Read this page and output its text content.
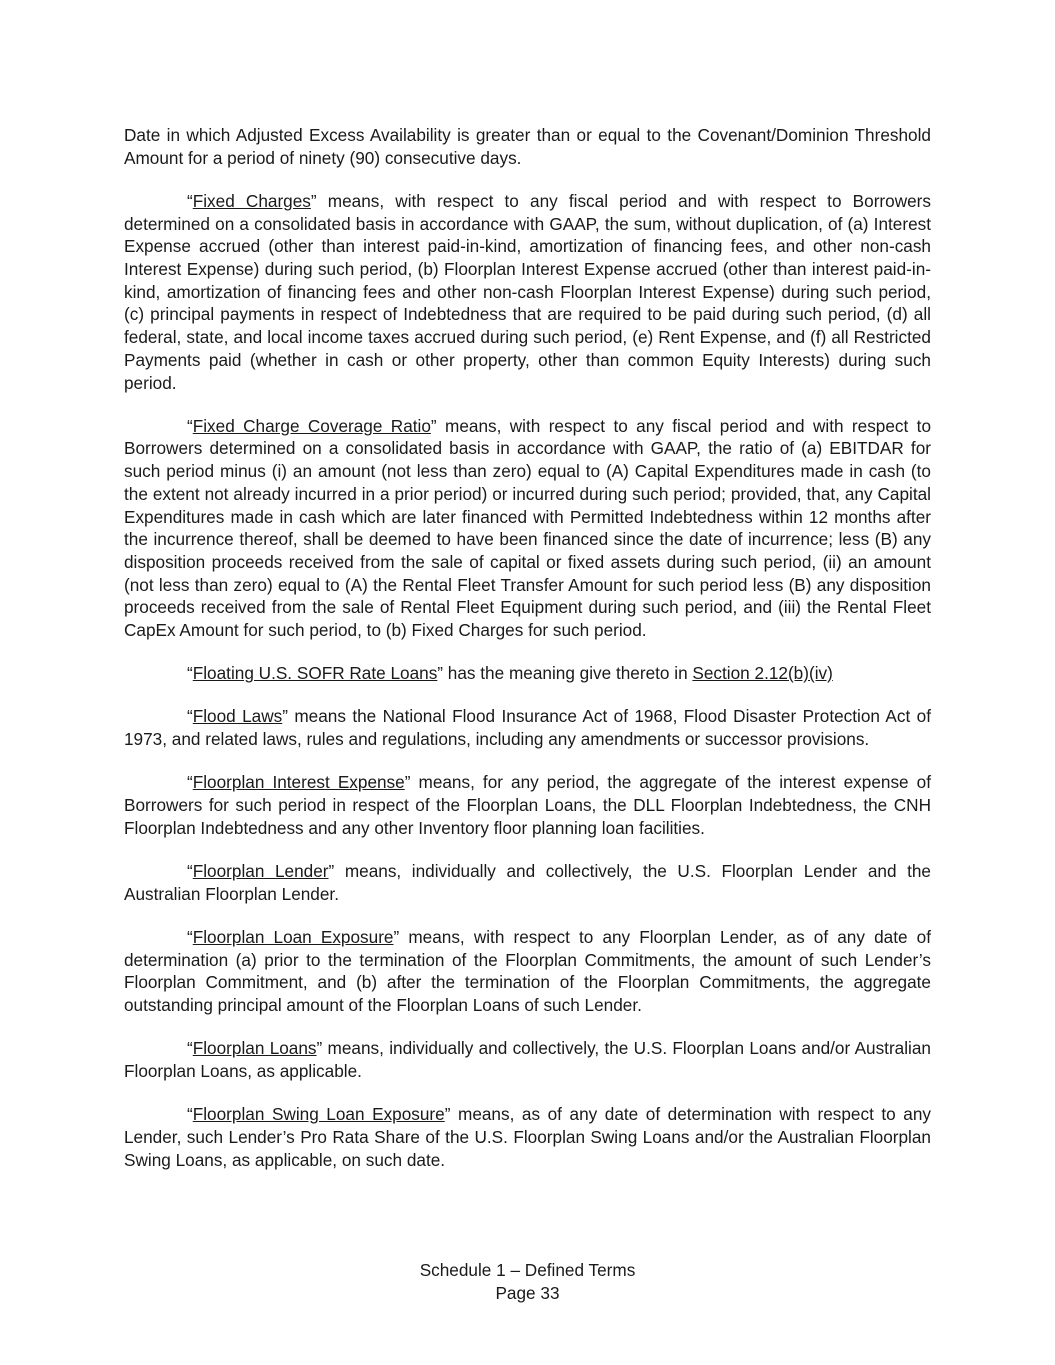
Date in which Adjusted Excess Availability is greater than or equal to the Covenant/Dominion Threshold Amount for a period of ninety (90) consecutive days.

“Fixed Charges” means, with respect to any fiscal period and with respect to Borrowers determined on a consolidated basis in accordance with GAAP, the sum, without duplication, of (a) Interest Expense accrued (other than interest paid-in-kind, amortization of financing fees, and other non-cash Interest Expense) during such period, (b) Floorplan Interest Expense accrued (other than interest paid-in-kind, amortization of financing fees and other non-cash Floorplan Interest Expense) during such period, (c) principal payments in respect of Indebtedness that are required to be paid during such period, (d) all federal, state, and local income taxes accrued during such period, (e) Rent Expense, and (f) all Restricted Payments paid (whether in cash or other property, other than common Equity Interests) during such period.

“Fixed Charge Coverage Ratio” means, with respect to any fiscal period and with respect to Borrowers determined on a consolidated basis in accordance with GAAP, the ratio of (a) EBITDAR for such period minus (i) an amount (not less than zero) equal to (A) Capital Expenditures made in cash (to the extent not already incurred in a prior period) or incurred during such period; provided, that, any Capital Expenditures made in cash which are later financed with Permitted Indebtedness within 12 months after the incurrence thereof, shall be deemed to have been financed since the date of incurrence; less (B) any disposition proceeds received from the sale of capital or fixed assets during such period, (ii) an amount (not less than zero) equal to (A) the Rental Fleet Transfer Amount for such period less (B) any disposition proceeds received from the sale of Rental Fleet Equipment during such period, and (iii) the Rental Fleet CapEx Amount for such period, to (b) Fixed Charges for such period.

“Floating U.S. SOFR Rate Loans” has the meaning give thereto in Section 2.12(b)(iv)

“Flood Laws” means the National Flood Insurance Act of 1968, Flood Disaster Protection Act of 1973, and related laws, rules and regulations, including any amendments or successor provisions.

“Floorplan Interest Expense” means, for any period, the aggregate of the interest expense of Borrowers for such period in respect of the Floorplan Loans, the DLL Floorplan Indebtedness, the CNH Floorplan Indebtedness and any other Inventory floor planning loan facilities.

“Floorplan Lender” means, individually and collectively, the U.S. Floorplan Lender and the Australian Floorplan Lender.

“Floorplan Loan Exposure” means, with respect to any Floorplan Lender, as of any date of determination (a) prior to the termination of the Floorplan Commitments, the amount of such Lender’s Floorplan Commitment, and (b) after the termination of the Floorplan Commitments, the aggregate outstanding principal amount of the Floorplan Loans of such Lender.

“Floorplan Loans” means, individually and collectively, the U.S. Floorplan Loans and/or Australian Floorplan Loans, as applicable.

“Floorplan Swing Loan Exposure” means, as of any date of determination with respect to any Lender, such Lender’s Pro Rata Share of the U.S. Floorplan Swing Loans and/or the Australian Floorplan Swing Loans, as applicable, on such date.

Schedule 1 – Defined Terms
Page 33
